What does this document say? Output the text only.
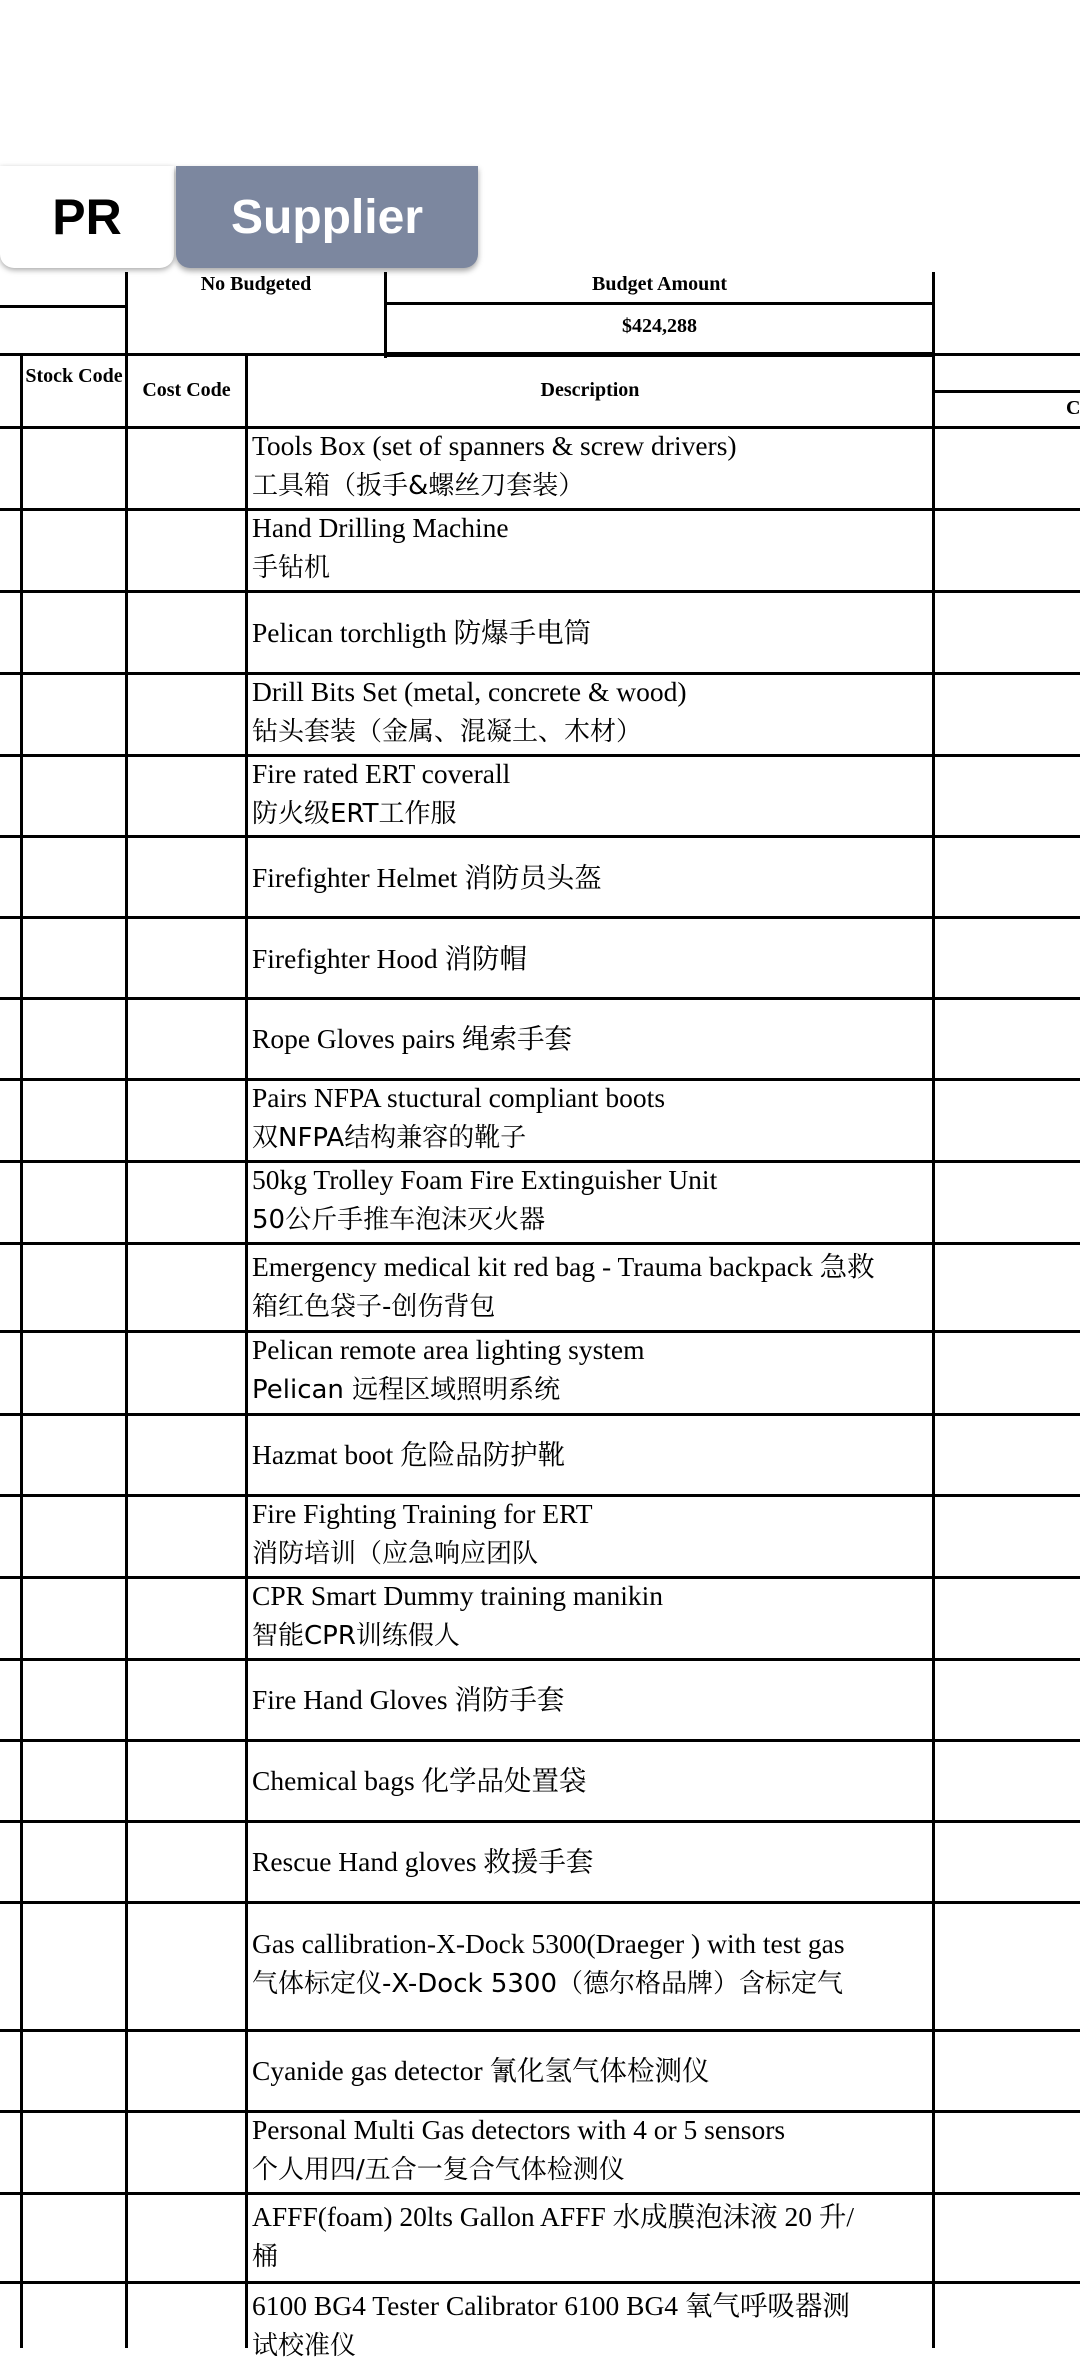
No Budgeted	Budget Amount
$424,288
Stock Code
Cost Code	Description
C
Tools Box (set of spanners & screw drivers)
工具箱（扳手&螺丝刀套装）
Hand Drilling Machine
手钻机
Pelican torchligth 防爆手电筒
Drill Bits Set (metal, concrete & wood)
钻头套装（金属、混凝土、木材）
Fire rated ERT coverall
防火级ERT工作服
Firefighter Helmet 消防员头盔
Firefighter Hood 消防帽
Rope Gloves pairs 绳索手套
Pairs NFPA stuctural compliant boots
双NFPA结构兼容的靴子
50kg Trolley Foam Fire Extinguisher Unit
50公斤手推车泡沫灭火器
Emergency medical kit red bag - Trauma backpack 急救
箱红色袋子-创伤背包
Pelican remote area lighting system
Pelican 远程区域照明系统
Hazmat boot 危险品防护靴
Fire Fighting Training for ERT
消防培训（应急响应团队
CPR Smart Dummy training manikin
智能CPR训练假人
Fire Hand Gloves 消防手套
Chemical bags 化学品处置袋
Rescue Hand gloves 救援手套
Gas callibration-X-Dock 5300(Draeger ) with test gas
气体标定仪-X-Dock 5300（德尔格品牌）含标定气
Cyanide gas detector 氰化氢气体检测仪
Personal Multi Gas detectors with 4 or 5 sensors
个人用四/五合一复合气体检测仪
AFFF(foam) 20lts Gallon AFFF 水成膜泡沫液 20 升/
桶
6100 BG4 Tester Calibrator 6100 BG4 氧气呼吸器测
试校准仪
PR	Supplier
